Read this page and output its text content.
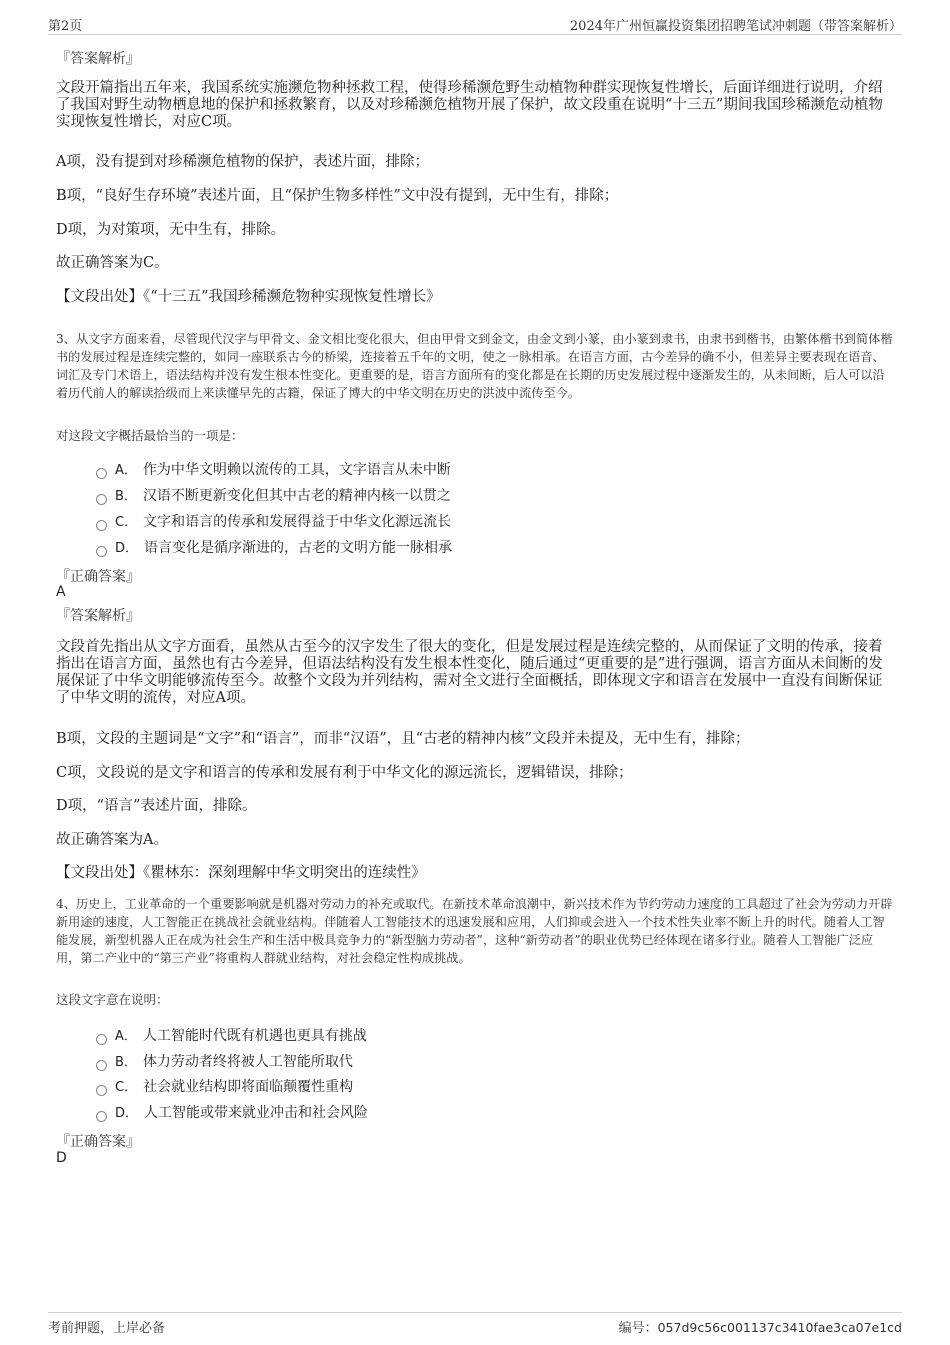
第2页	2024年广州恒赢投资集团招聘笔试冲刺题（带答案解析）
『答案解析』
文段开篇指出五年来，我国系统实施濒危物种拯救工程，使得珍稀濒危野生动植物种群实现恢复性增长，后面详细进行说明，介绍了我国对野生动物栖息地的保护和拯救繁育，以及对珍稀濒危植物开展了保护，故文段重在说明“十三五”期间我国珍稀濒危动植物实现恢复性增长，对应C项。
A项，没有提到对珍稀濒危植物的保护，表述片面，排除；
B项，“良好生存环境”表述片面，且“保护生物多样性”文中没有提到，无中生有，排除；
D项，为对策项，无中生有，排除。
故正确答案为C。
【文段出处】《“十三五”我国珍稀濒危物种实现恢复性增长》
3、从文字方面来看，尽管现代汉字与甲骨文、金文相比变化很大，但由甲骨文到金文，由金文到小篆，由小篆到隶书，由隶书到楷书，由繁体楷书到简体楷书的发展过程是连续完整的，如同一座联系古今的桥梁，连接着五千年的文明，使之一脉相承。在语言方面，古今差异的确不小，但差异主要表现在语音、词汇及专门术语上，语法结构并没有发生根本性变化。更重要的是，语言方面所有的变化都是在长期的历史发展过程中逐渐发生的，从未间断，后人可以沿着历代前人的解读拾级而上来读懂早先的古籍，保证了博大的中华文明在历史的洪波中流传至今。
对这段文字概括最恰当的一项是：
A． 作为中华文明赖以流传的工具，文字语言从未中断
B． 汉语不断更新变化但其中古老的精神内核一以贯之
C． 文字和语言的传承和发展得益于中华文化源远流长
D． 语言变化是循序渐进的，古老的文明方能一脉相承
『正确答案』
A
『答案解析』
文段首先指出从文字方面看，虽然从古至今的汉字发生了很大的变化，但是发展过程是连续完整的，从而保证了文明的传承，接着指出在语言方面，虽然也有古今差异，但语法结构没有发生根本性变化，随后通过“更重要的是”进行强调，语言方面从未间断的发展保证了中华文明能够流传至今。故整个文段为并列结构，需对全文进行全面概括，即体现文字和语言在发展中一直没有间断保证了中华文明的流传，对应A项。
B项，文段的主题词是“文字”和“语言”，而非“汉语”，且“古老的精神内核”文段并未提及，无中生有，排除；
C项，文段说的是文字和语言的传承和发展有利于中华文化的源远流长，逻辑错误，排除；
D项，“语言”表述片面，排除。
故正确答案为A。
【文段出处】《瞿林东：深刻理解中华文明突出的连续性》
4、历史上，工业革命的一个重要影响就是机器对劳动力的补充或取代。在新技术革命浪潮中，新兴技术作为节约劳动力速度的工具超过了社会为劳动力开辟新用途的速度，人工智能正在挑战社会就业结构。伴随着人工智能技术的迅速发展和应用，人们抑或会进入一个技术性失业率不断上升的时代。随着人工智能发展，新型机器人正在成为社会生产和生活中极具竞争力的“新型脑力劳动者”，这种“新劳动者”的职业优势已经体现在诸多行业。随着人工智能广泛应用，第二产业中的“第三产业”将重构人群就业结构，对社会稳定性构成挑战。
这段文字意在说明：
A． 人工智能时代既有机遇也更具有挑战
B． 体力劳动者终将被人工智能所取代
C． 社会就业结构即将面临颠覆性重构
D． 人工智能或带来就业冲击和社会风险
『正确答案』
D
考前押题，上岸必备	编号：057d9c56c001137c3410fae3ca07e1cd
